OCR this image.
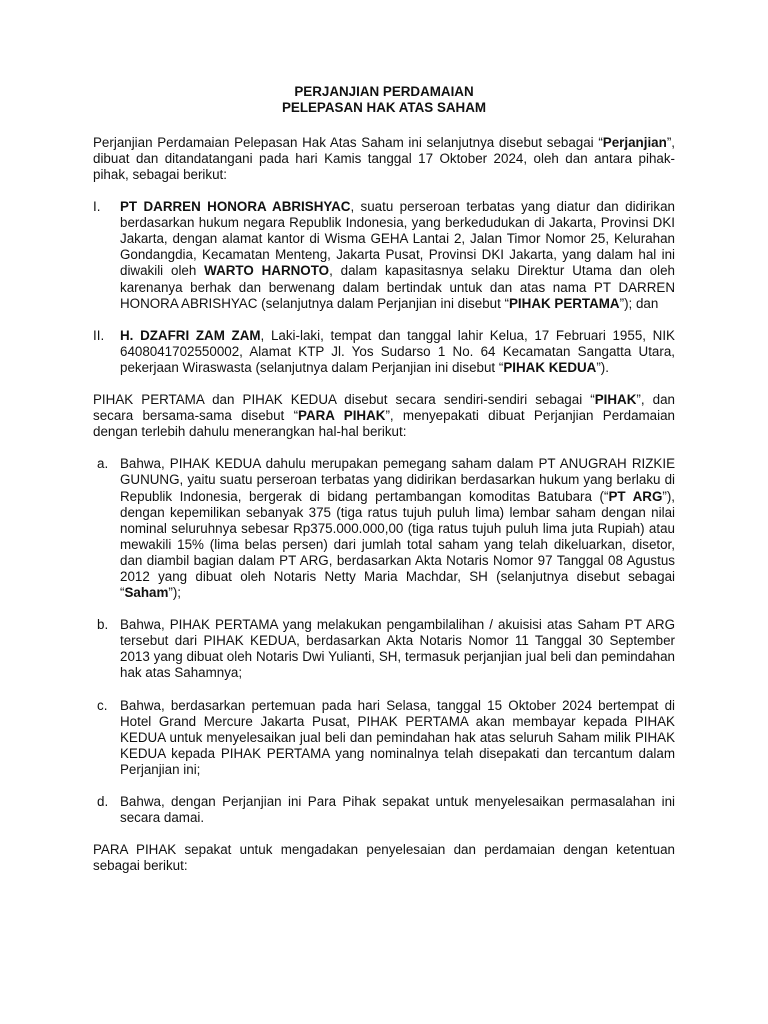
PERJANJIAN PERDAMAIAN

PELEPASAN HAK ATAS SAHAM

Perjanjian Perdamaian Pelepasan Hak Atas Saham ini selanjutnya disebut sebagai “Perjanjian”, dibuat dan ditandatangani pada hari Kamis tanggal 17 Oktober 2024, oleh dan antara pihak-pihak, sebagai berikut:

I.	PT DARREN HONORA ABRISHYAC, suatu perseroan terbatas yang diatur dan didirikan berdasarkan hukum negara Republik Indonesia, yang berkedudukan di Jakarta, Provinsi DKI Jakarta, dengan alamat kantor di Wisma GEHA Lantai 2, Jalan Timor Nomor 25, Kelurahan Gondangdia, Kecamatan Menteng, Jakarta Pusat, Provinsi DKI Jakarta, yang dalam hal ini diwakili oleh WARTO HARNOTO, dalam kapasitasnya selaku Direktur Utama dan oleh karenanya berhak dan berwenang dalam bertindak untuk dan atas nama PT DARREN HONORA ABRISHYAC (selanjutnya dalam Perjanjian ini disebut “PIHAK PERTAMA”); dan
II.	H. DZAFRI ZAM ZAM, Laki-laki, tempat dan tanggal lahir Kelua, 17 Februari 1955, NIK 6408041702550002, Alamat KTP Jl. Yos Sudarso 1 No. 64 Kecamatan Sangatta Utara, pekerjaan Wiraswasta (selanjutnya dalam Perjanjian ini disebut “PIHAK KEDUA”).

PIHAK PERTAMA dan PIHAK KEDUA disebut secara sendiri-sendiri sebagai “PIHAK”, dan secara bersama-sama disebut “PARA PIHAK”, menyepakati dibuat Perjanjian Perdamaian dengan terlebih dahulu menerangkan hal-hal berikut:

a. Bahwa, PIHAK KEDUA dahulu merupakan pemegang saham dalam PT ANUGRAH RIZKIE GUNUNG, yaitu suatu perseroan terbatas yang didirikan berdasarkan hukum yang berlaku di Republik Indonesia, bergerak di bidang pertambangan komoditas Batubara (“PT ARG”), dengan kepemilikan sebanyak 375 (tiga ratus tujuh puluh lima) lembar saham dengan nilai nominal seluruhnya sebesar Rp375.000.000,00 (tiga ratus tujuh puluh lima juta Rupiah) atau mewakili 15% (lima belas persen) dari jumlah total saham yang telah dikeluarkan, disetor, dan diambil bagian dalam PT ARG, berdasarkan Akta Notaris Nomor 97 Tanggal 08 Agustus 2012 yang dibuat oleh Notaris Netty Maria Machdar, SH (selanjutnya disebut sebagai “Saham”);
b. Bahwa, PIHAK PERTAMA yang melakukan pengambilalihan / akuisisi atas Saham PT ARG tersebut dari PIHAK KEDUA, berdasarkan Akta Notaris Nomor 11 Tanggal 30 September 2013 yang dibuat oleh Notaris Dwi Yulianti, SH, termasuk perjanjian jual beli dan pemindahan hak atas Sahamnya;
c. Bahwa, berdasarkan pertemuan pada hari Selasa, tanggal 15 Oktober 2024 bertempat di Hotel Grand Mercure Jakarta Pusat, PIHAK PERTAMA akan membayar kepada PIHAK KEDUA untuk menyelesaikan jual beli dan pemindahan hak atas seluruh Saham milik PIHAK KEDUA kepada PIHAK PERTAMA yang nominalnya telah disepakati dan tercantum dalam Perjanjian ini;
d. Bahwa, dengan Perjanjian ini Para Pihak sepakat untuk menyelesaikan permasalahan ini secara damai.

PARA PIHAK sepakat untuk mengadakan penyelesaian dan perdamaian dengan ketentuan sebagai berikut:
